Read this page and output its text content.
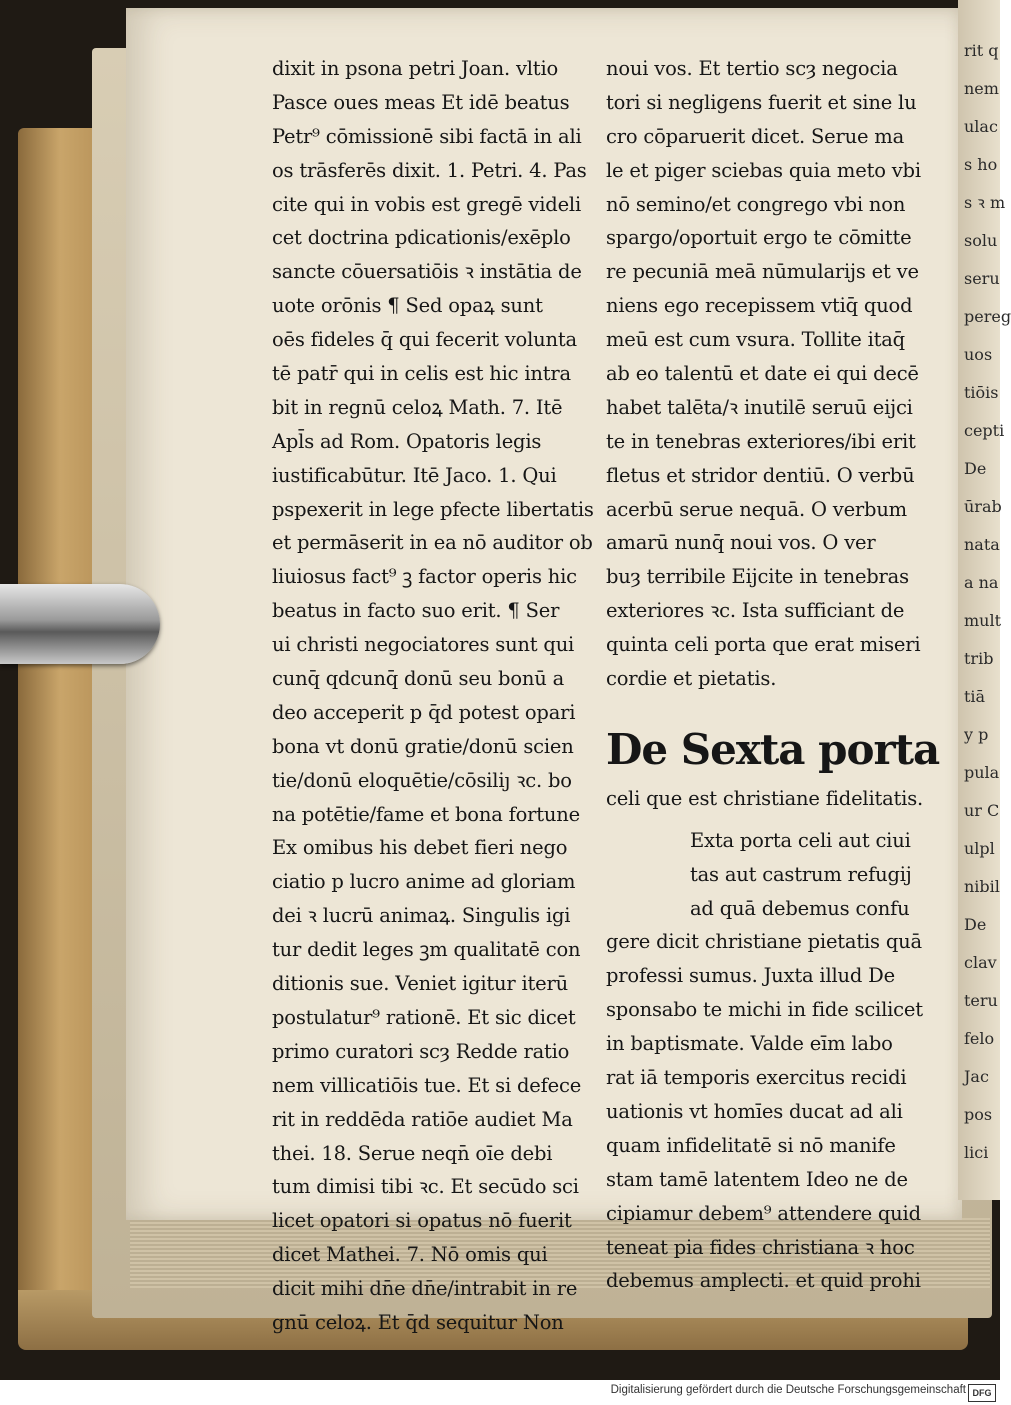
rit q
nem
ulac
s ho
s ꝛ m
solu
seru
pereg
uos
tiōis
cepti
De
ūrab
nata
a na
mult
trib
tiā
y p
pula
ur C
ulpl
nibil
De
clav
teru
felo
Jac
pos
lici
dixit in psona petri Joan. vltio
Pasce oues meas Et idē beatus
Petr⁹ cōmissionē sibi factā in ali
os trāsferēs dixit. 1. Petri. 4. Pas
cite qui in vobis est gregē videli
cet doctrina pdicationis/exēplo
sancte cōuersatiōis ꝛ instātia de
uote orōnis ¶ Sed opaꝝ sunt
oēs fideles q̄ qui fecerit volunta
tē patr̄ qui in celis est hic intra
bit in regnū celoꝝ Math. 7. Itē
Apl̄s ad Rom. Opatoris legis
iustificabūtur. Itē Jaco. 1. Qui
pspexerit in lege pfecte libertatis
et permāserit in ea nō auditor ob
liuiosus fact⁹ ꝫ factor operis hic
beatus in facto suo erit. ¶ Ser
ui christi negociatores sunt qui
cunq̄ qdcunq̄ donū seu bonū a
deo acceperit p q̄d potest opari
bona vt donū gratie/donū scien
tie/donū eloquētie/cōsiliȷ ꝛc. bo
na potētie/fame et bona fortune
Ex omibus his debet fieri nego
ciatio p lucro anime ad gloriam
dei ꝛ lucrū animaꝝ. Singulis igi
tur dedit leges ꝫm qualitatē con
ditionis sue. Veniet igitur iterū
postulatur⁹ rationē. Et sic dicet
primo curatori scȝ Redde ratio
nem villicatiōis tue. Et si defece
rit in reddēda ratiōe audiet Ma
thei. 18. Serue neqn̄ oīe debi
tum dimisi tibi ꝛc. Et secūdo sci
licet opatori si opatus nō fuerit
dicet Mathei. 7. Nō omis qui
dicit mihi dn̄e dn̄e/intrabit in re
gnū celoꝝ. Et q̄d sequitur Non
noui vos. Et tertio scȝ negocia
tori si negligens fuerit et sine lu
cro cōparuerit dicet. Serue ma
le et piger sciebas quia meto vbi
nō semino/et congrego vbi non
spargo/oportuit ergo te cōmitte
re pecuniā meā nūmularijs et ve
niens ego recepissem vtiq̄ quod
meū est cum vsura. Tollite itaq̄
ab eo talentū et date ei qui decē
habet talēta/ꝛ inutilē seruū eijci
te in tenebras exteriores/ibi erit
fletus et stridor dentiū. O verbū
acerbū serue nequā. O verbum
amarū nunq̄ noui vos. O ver
buȝ terribile Eijcite in tenebras
exteriores ꝛc. Ista sufficiant de
quinta celi porta que erat miseri
cordie et pietatis.
De Sexta porta
celi que est christiane fidelitatis.
Exta porta celi aut ciui
tas aut castrum refugij
ad quā debemus confu
gere dicit christiane pietatis quā
professi sumus. Juxta illud De
sponsabo te michi in fide scilicet
in baptismate. Valde eīm labo
rat iā temporis exercitus recidi
uationis vt homīes ducat ad ali
quam infidelitatē si nō manife
stam tamē latentem Ideo ne de
cipiamur debem⁹ attendere quid
teneat pia fides christiana ꝛ hoc
debemus amplecti. et quid prohi
Digitalisierung gefördert durch die Deutsche Forschungsgemeinschaft DFG
